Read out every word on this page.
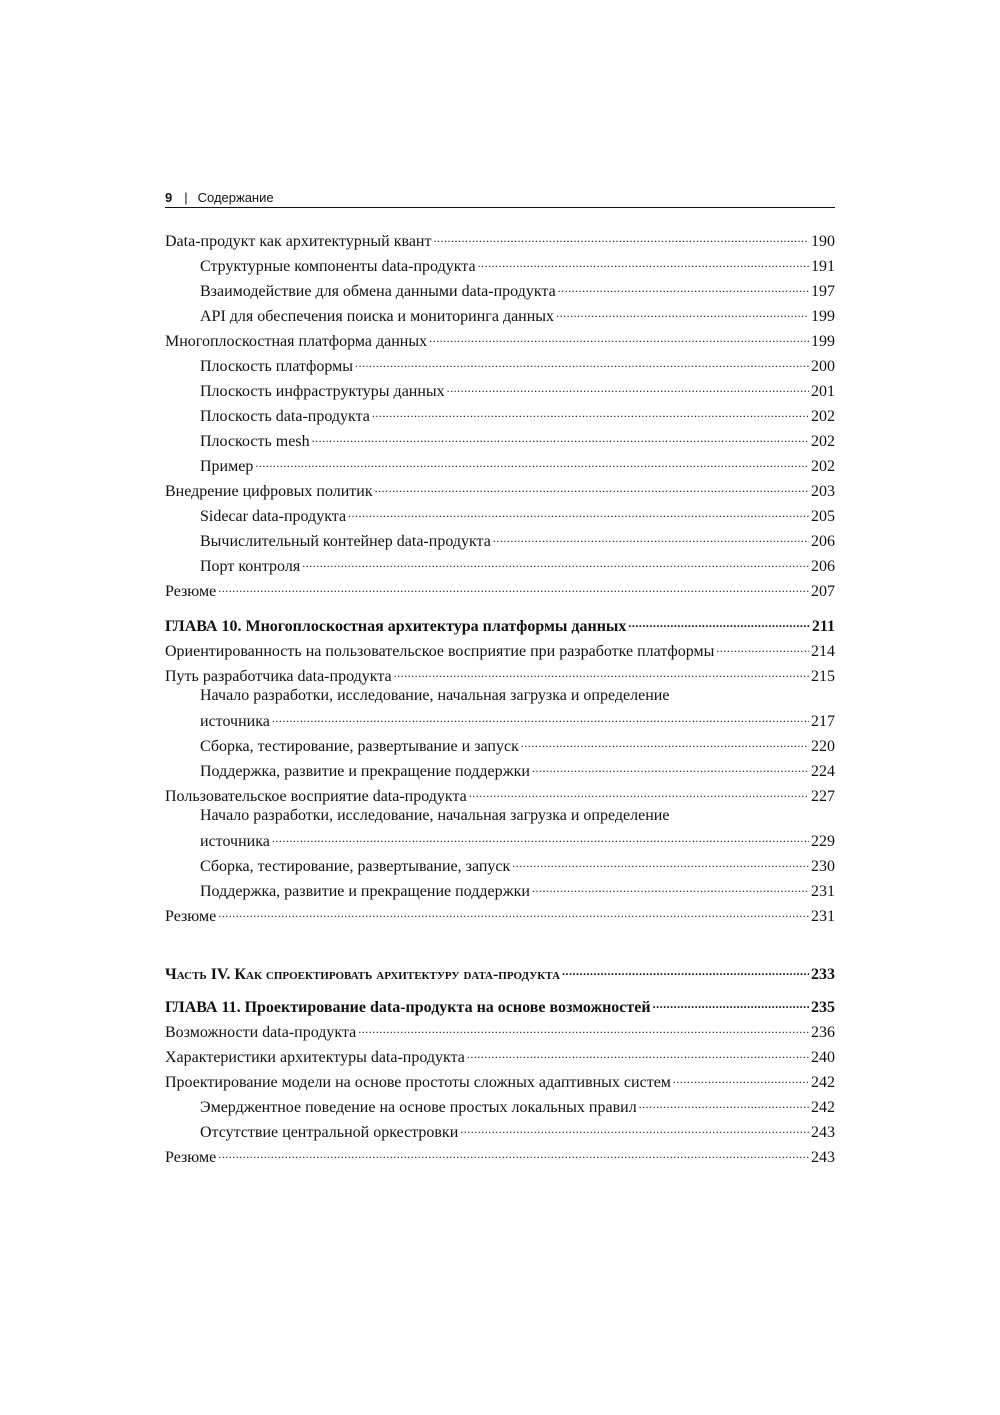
9 | Содержание
Data-продукт как архитектурный квант .....	190
Структурные компоненты data-продукта .....	191
Взаимодействие для обмена данными data-продукта .....	197
API для обеспечения поиска и мониторинга данных .....	199
Многоплоскостная платформа данных .....	199
Плоскость платформы .....	200
Плоскость инфраструктуры данных .....	201
Плоскость data-продукта .....	202
Плоскость mesh .....	202
Пример .....	202
Внедрение цифровых политик .....	203
Sidecar data-продукта .....	205
Вычислительный контейнер data-продукта .....	206
Порт контроля .....	206
Резюме .....	207
ГЛАВА 10. Многоплоскостная архитектура платформы данных .....	211
Ориентированность на пользовательское восприятие при разработке платформы .....	214
Путь разработчика data-продукта .....	215
Начало разработки, исследование, начальная загрузка и определение
источника .....	217
Сборка, тестирование, развертывание и запуск .....	220
Поддержка, развитие и прекращение поддержки .....	224
Пользовательское восприятие data-продукта .....	227
Начало разработки, исследование, начальная загрузка и определение
источника .....	229
Сборка, тестирование, развертывание, запуск .....	230
Поддержка, развитие и прекращение поддержки .....	231
Резюме .....	231
Часть IV. Как спроектировать архитектуру data-продукта .....	233
ГЛАВА 11. Проектирование data-продукта на основе возможностей .....	235
Возможности data-продукта .....	236
Характеристики архитектуры data-продукта .....	240
Проектирование модели на основе простоты сложных адаптивных систем .....	242
Эмерджентное поведение на основе простых локальных правил .....	242
Отсутствие центральной оркестровки .....	243
Резюме .....	243
